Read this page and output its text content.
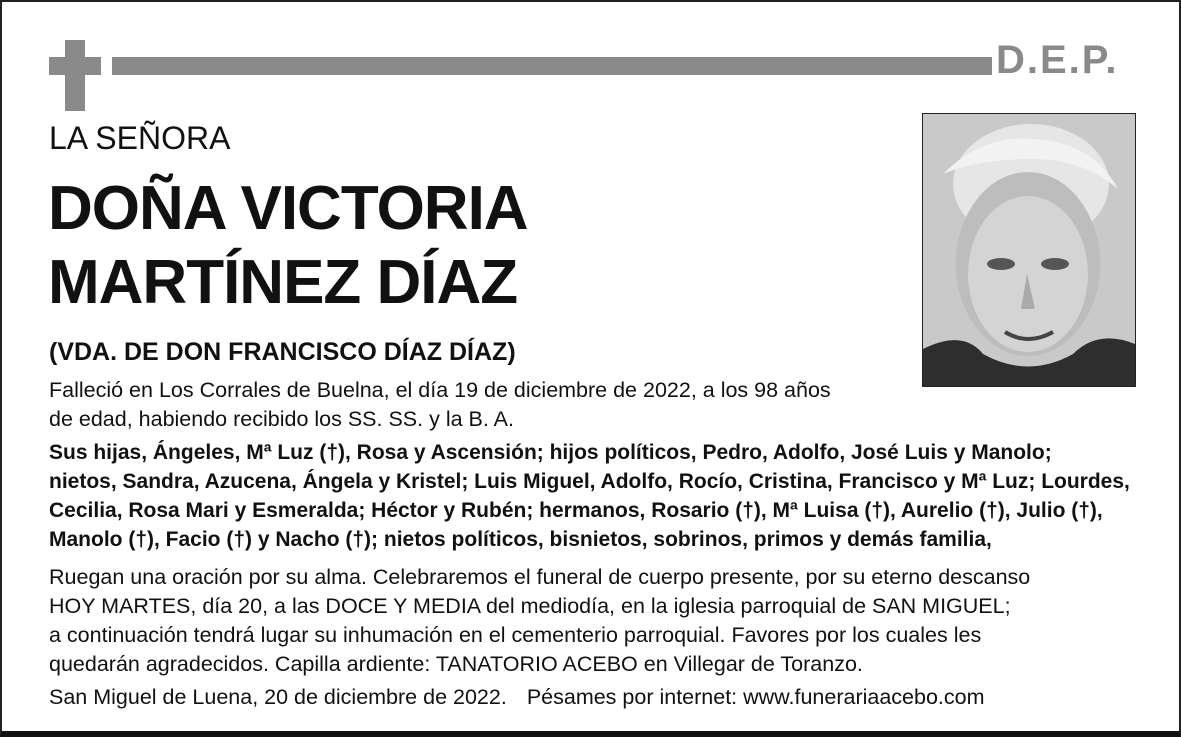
D.E.P.
LA SEÑORA
DOÑA VICTORIA
MARTÍNEZ DÍAZ
(VDA. DE DON FRANCISCO DÍAZ DÍAZ)

Falleció en Los Corrales de Buelna, el día 19 de diciembre de 2022, a los 98 años
de edad, habiendo recibido los SS. SS. y la B. A.

Sus hijas, Ángeles, Mª Luz (†), Rosa y Ascensión; hijos políticos, Pedro, Adolfo, José Luis y Manolo;
nietos, Sandra, Azucena, Ángela y Kristel; Luis Miguel, Adolfo, Rocío, Cristina, Francisco y Mª Luz; Lourdes,
Cecilia, Rosa Mari y Esmeralda; Héctor y Rubén; hermanos, Rosario (†), Mª Luisa (†), Aurelio (†), Julio (†),
Manolo (†), Facio (†) y Nacho (†); nietos políticos, bisnietos, sobrinos, primos y demás familia,

Ruegan una oración por su alma. Celebraremos el funeral de cuerpo presente, por su eterno descanso
HOY MARTES, día 20, a las DOCE Y MEDIA del mediodía, en la iglesia parroquial de SAN MIGUEL;
a continuación tendrá lugar su inhumación en el cementerio parroquial. Favores por los cuales les
quedarán agradecidos. Capilla ardiente: TANATORIO ACEBO en Villegar de Toranzo.

San Miguel de Luena, 20 de diciembre de 2022. Pésames por internet: www.funerariaacebo.com
